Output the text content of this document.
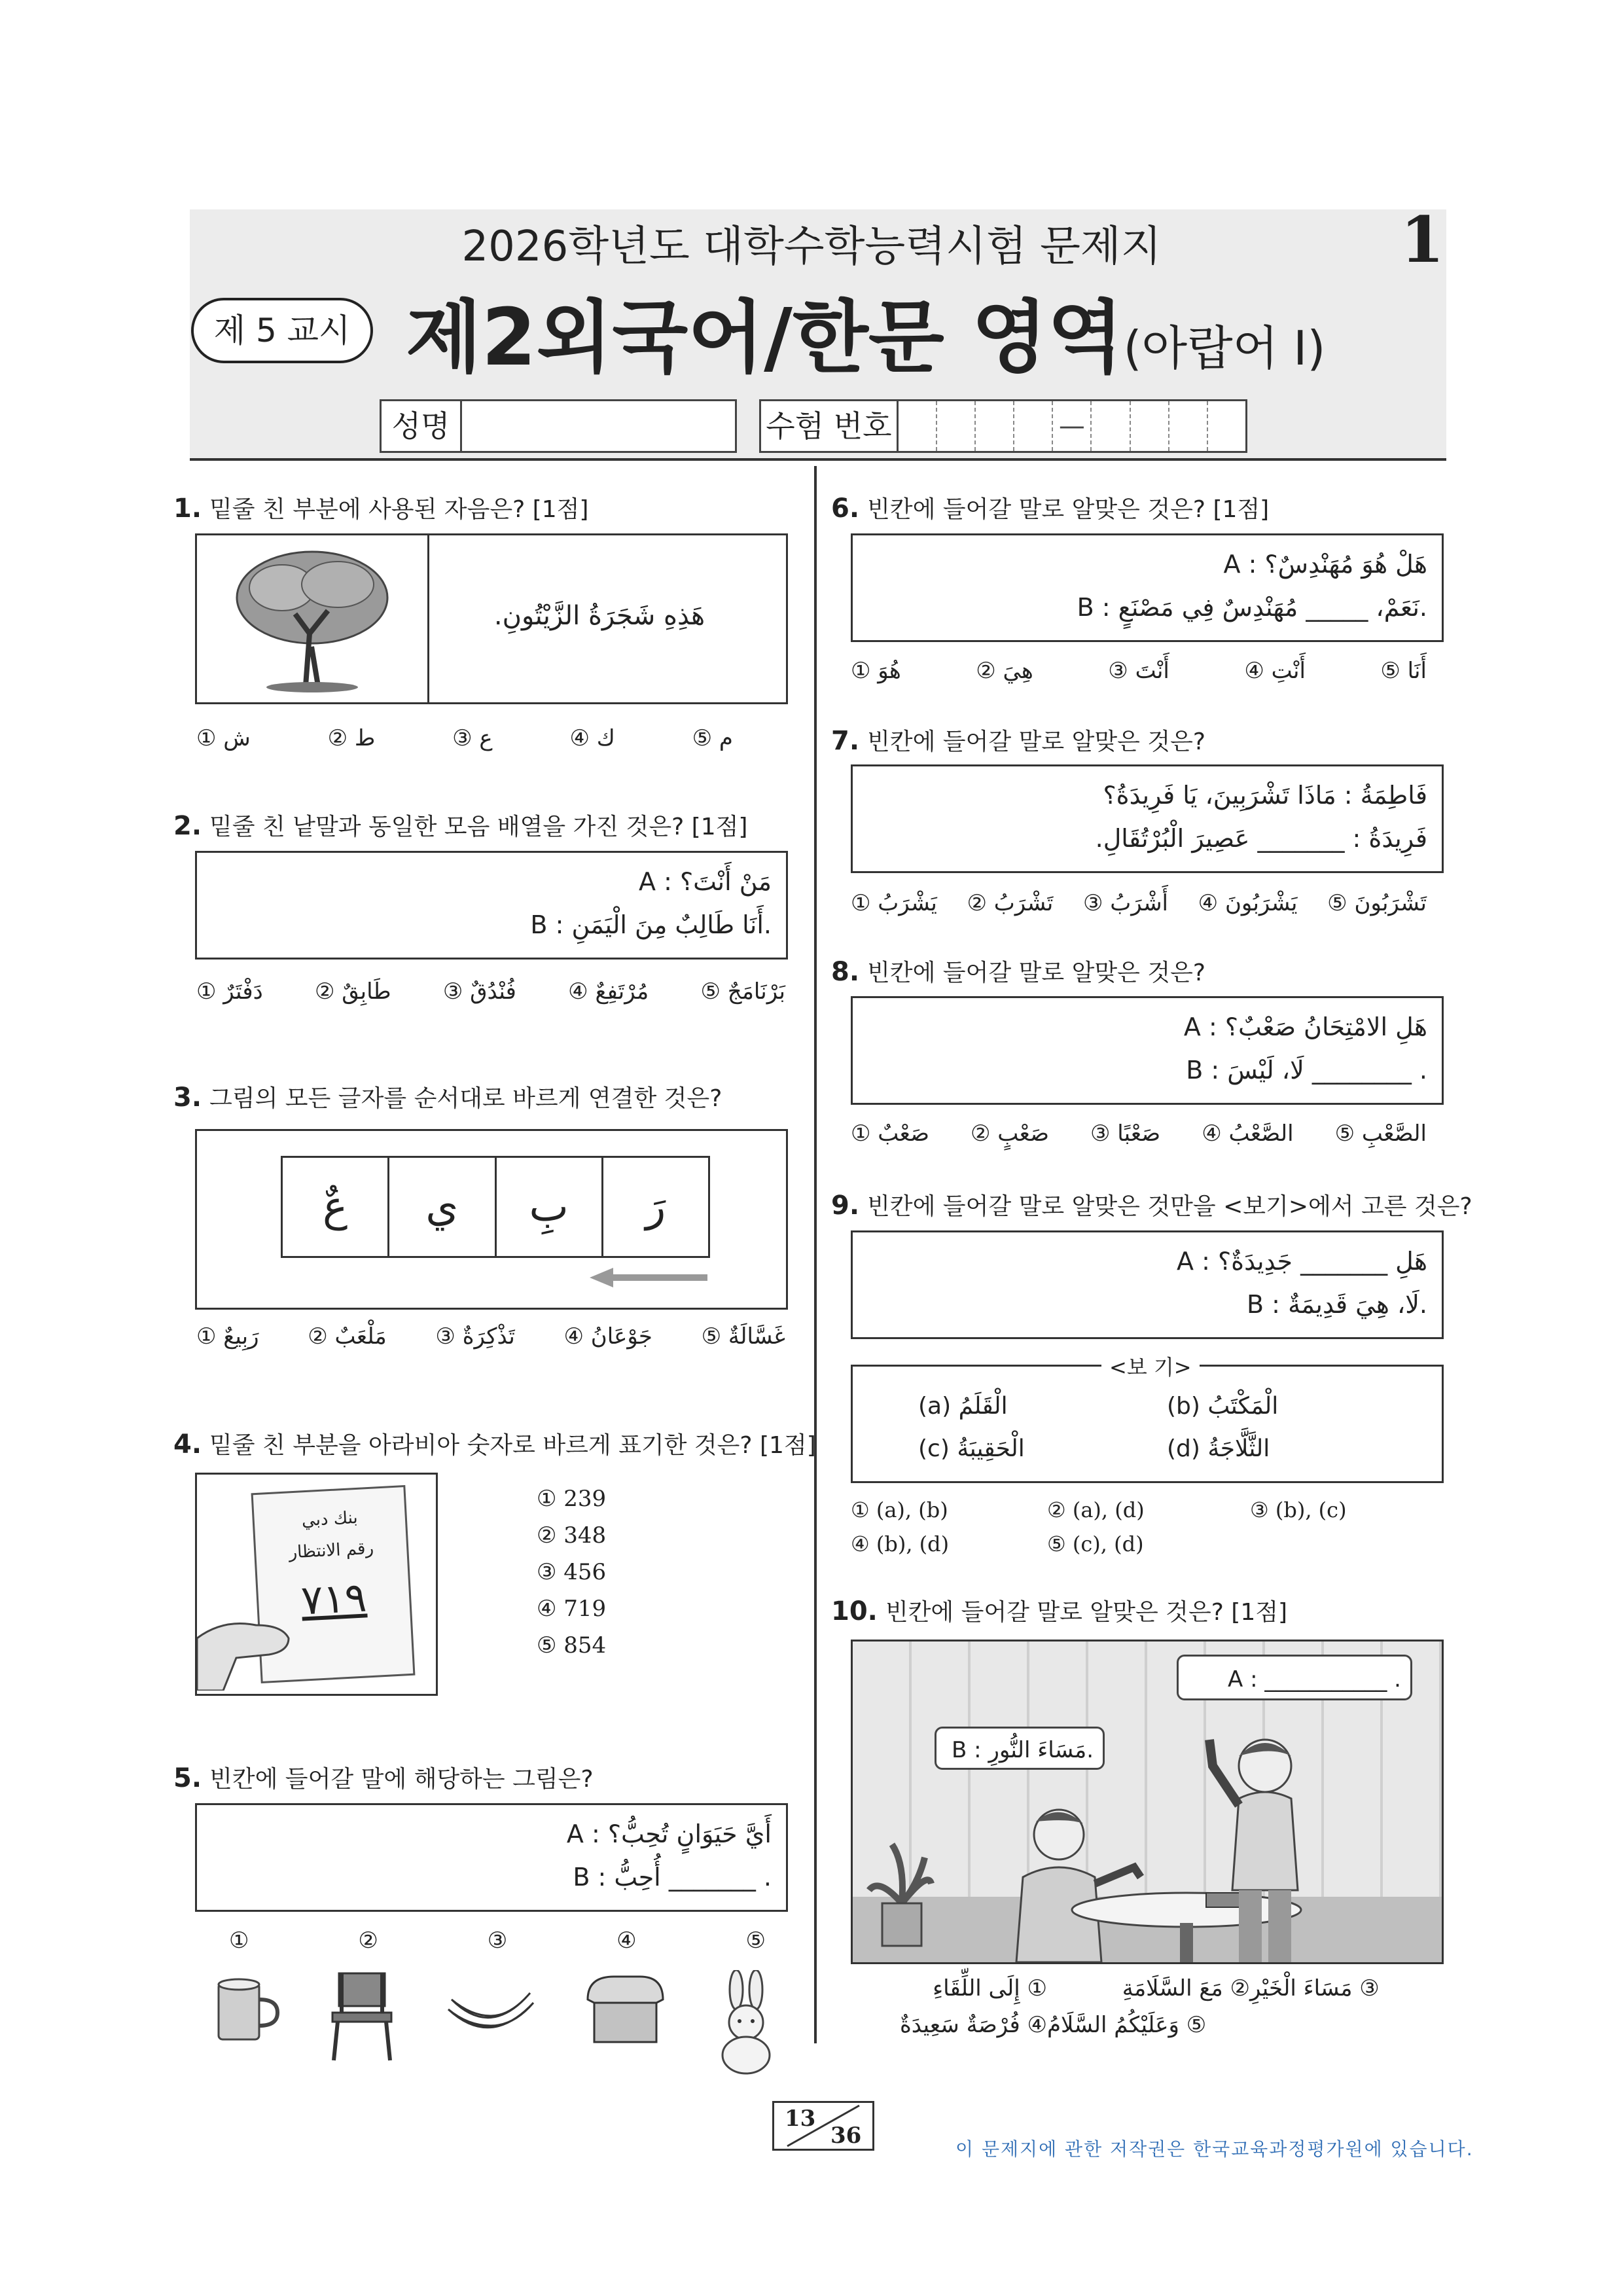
2026학년도 대학수학능력시험 문제지	1
제 5 교시 제2외국어/한문 영역(아랍어 Ⅰ)
성명	수험 번호	—
1. 밑줄 친 부분에 사용된 자음은? [1점]
هَذِهِ شَجَرَةُ الزَّيْتُونِ.
① ش	② ط	③ ع	④ ك	⑤ م
2. 밑줄 친 낱말과 동일한 모음 배열을 가진 것은? [1점]
A : مَنْ أَنْتَ؟
B : أَنَا طَالِبٌ مِنَ الْيَمَنِ.
① دَفْتَرٌ ② طَابِقٌ ③ فُنْدُقٌ ④ مُرْتَفِعٌ ⑤ بَرْنَامَجٌ
3. 그림의 모든 글자를 순서대로 바르게 연결한 것은?
رَ
بِ
ي
عٌ
① رَبِيعٌ ② مَلْعَبٌ ③ تَذْكِرَةٌ ④ جَوْعَانُ ⑤ غَسَّالَةٌ
4. 밑줄 친 부분을 아라비아 숫자로 바르게 표기한 것은? [1점]
بنك دبي
رقم الانتظار
٧١٩
① 239
② 348
③ 456
④ 719
⑤ 854
5. 빈칸에 들어갈 말에 해당하는 그림은?
A : أَيَّ حَيَوَانٍ تُحِبُّ؟
B : أُحِبُّ _______ .
①	②	③	④	⑤
6. 빈칸에 들어갈 말로 알맞은 것은? [1점]
A : هَلْ هُوَ مُهَنْدِسٌ؟
B : نَعَمْ، _____ مُهَنْدِسٌ فِي مَصْنَعٍ.
① هُوَ	② هِيَ	③ أَنْتَ	④ أَنْتِ	⑤ أَنَا
7. 빈칸에 들어갈 말로 알맞은 것은?
فَاطِمَةُ : مَاذَا تَشْرَبِينَ، يَا فَرِيدَةُ؟
فَرِيدَةُ : _______ عَصِيرَ الْبُرْتُقَالِ.
① يَشْرَبُ ② تَشْرَبُ ③ أَشْرَبُ ④ يَشْرَبُونَ ⑤ تَشْرَبُونَ
8. 빈칸에 들어갈 말로 알맞은 것은?
A : هَلِ الامْتِحَانُ صَعْبٌ؟
B : لَا، لَيْسَ ________ .
① صَعْبٌ ② صَعْبٍ ③ صَعْبًا ④ الصَّعْبُ ⑤ الصَّعْبِ
9. 빈칸에 들어갈 말로 알맞은 것만을 <보기>에서 고른 것은?
A : هَلِ _______ جَدِيدَةٌ؟
B : لَا، هِيَ قَدِيمَةٌ.
<보 기>
(a) الْقَلَمُ	(b) الْمَكْتَبُ
(c) الْحَقِيبَةُ	(d) الثَّلَّاجَةُ
① (a), (b)	② (a), (d)	③ (b), (c)
④ (b), (d)	⑤ (c), (d)
10. 빈칸에 들어갈 말로 알맞은 것은? [1점]
A : ___________ .
B : مَسَاءَ النُّورِ.
① إِلَى اللِّقَاءِ	② مَعَ السَّلَامَةِ ③ مَسَاءَ الْخَيْرِ
④ فُرْصَةٌ سَعِيدَةٌ ⑤ وَعَلَيْكُمُ السَّلَامُ
13
36
이 문제지에 관한 저작권은 한국교육과정평가원에 있습니다.
